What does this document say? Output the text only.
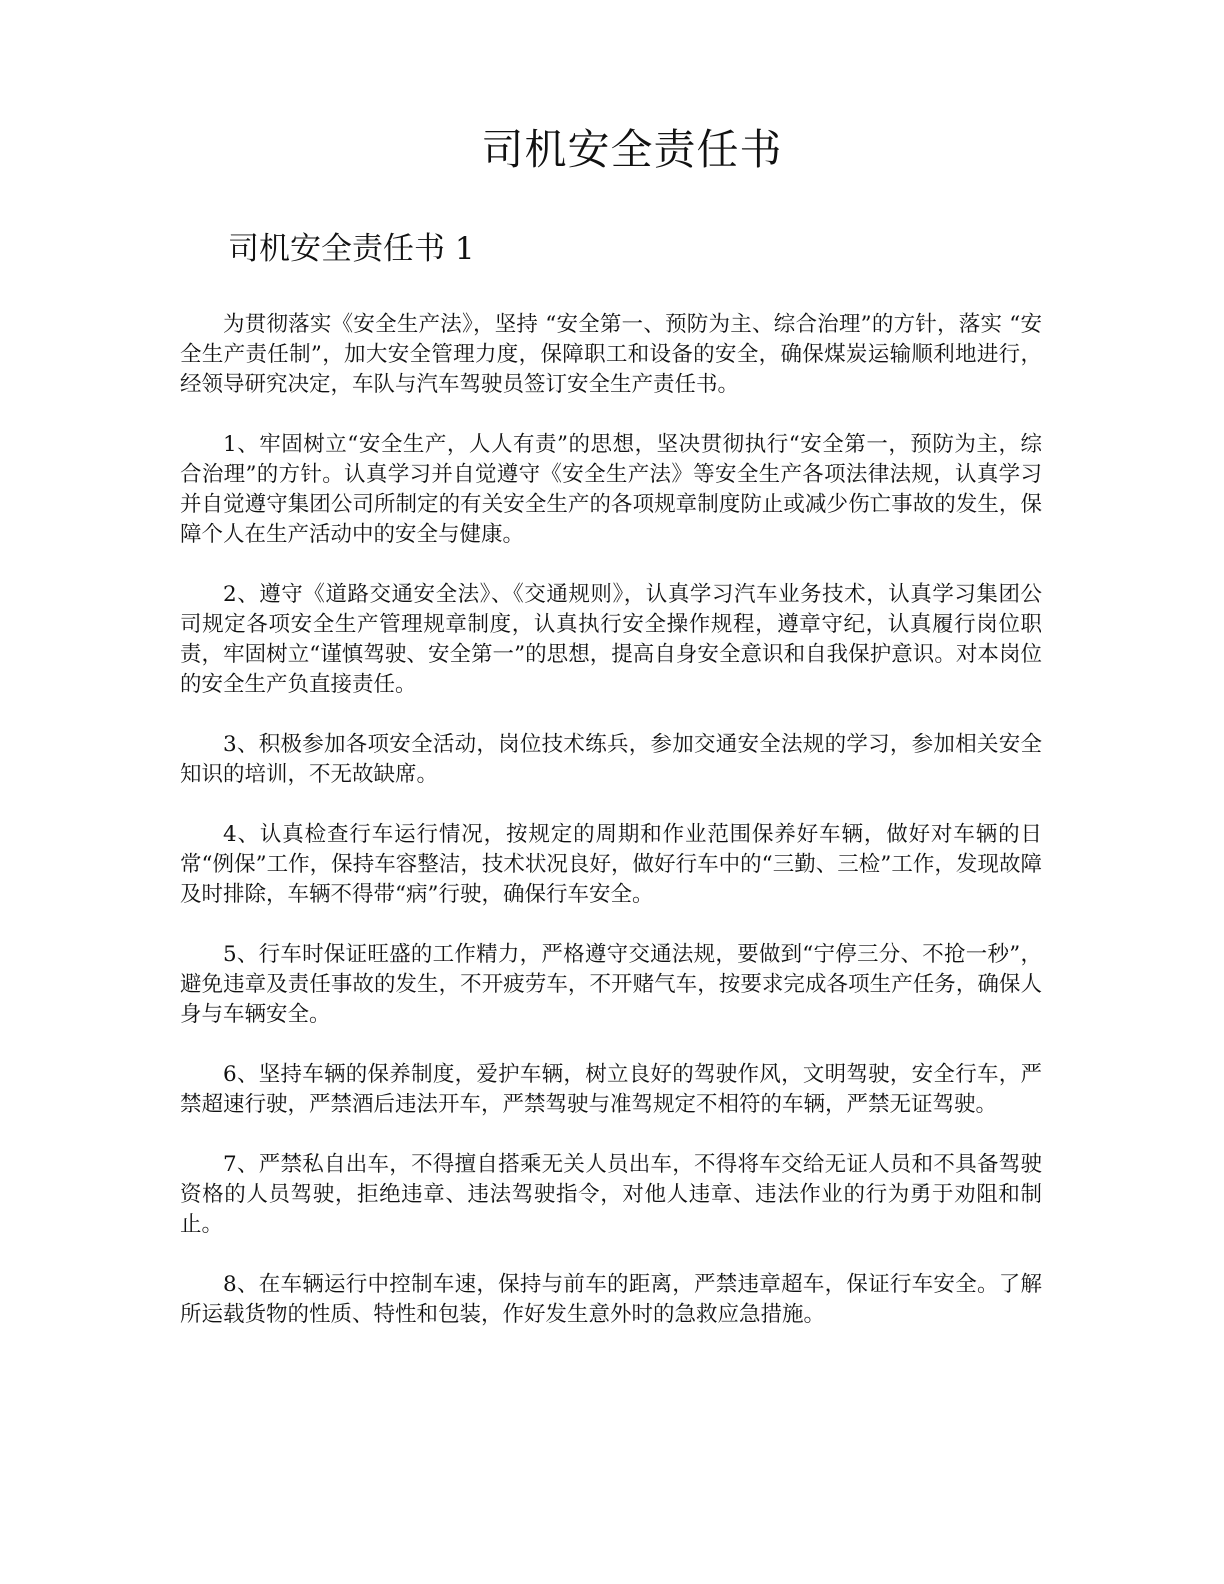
司机安全责任书
司机安全责任书 1

为贯彻落实《安全生产法》，坚持 “安全第一、预防为主、综合治理”的方针，落实 “安全生产责任制”，加大安全管理力度，保障职工和设备的安全，确保煤炭运输顺利地进行，经领导研究决定，车队与汽车驾驶员签订安全生产责任书。

1、牢固树立“安全生产，人人有责”的思想，坚决贯彻执行“安全第一，预防为主，综合治理”的方针。认真学习并自觉遵守《安全生产法》等安全生产各项法律法规，认真学习并自觉遵守集团公司所制定的有关安全生产的各项规章制度防止或减少伤亡事故的发生，保障个人在生产活动中的安全与健康。

2、遵守《道路交通安全法》、《交通规则》，认真学习汽车业务技术，认真学习集团公司规定各项安全生产管理规章制度，认真执行安全操作规程，遵章守纪，认真履行岗位职责，牢固树立“谨慎驾驶、安全第一”的思想，提高自身安全意识和自我保护意识。对本岗位的安全生产负直接责任。

3、积极参加各项安全活动，岗位技术练兵，参加交通安全法规的学习，参加相关安全知识的培训，不无故缺席。

4、认真检查行车运行情况，按规定的周期和作业范围保养好车辆，做好对车辆的日常“例保”工作，保持车容整洁，技术状况良好，做好行车中的“三勤、三检”工作，发现故障及时排除，车辆不得带“病”行驶，确保行车安全。

5、行车时保证旺盛的工作精力，严格遵守交通法规，要做到“宁停三分、不抢一秒”，避免违章及责任事故的发生，不开疲劳车，不开赌气车，按要求完成各项生产任务，确保人身与车辆安全。

6、坚持车辆的保养制度，爱护车辆，树立良好的驾驶作风，文明驾驶，安全行车，严禁超速行驶，严禁酒后违法开车，严禁驾驶与准驾规定不相符的车辆，严禁无证驾驶。

7、严禁私自出车，不得擅自搭乘无关人员出车，不得将车交给无证人员和不具备驾驶资格的人员驾驶，拒绝违章、违法驾驶指令，对他人违章、违法作业的行为勇于劝阻和制止。

8、在车辆运行中控制车速，保持与前车的距离，严禁违章超车，保证行车安全。了解所运载货物的性质、特性和包装，作好发生意外时的急救应急措施。
